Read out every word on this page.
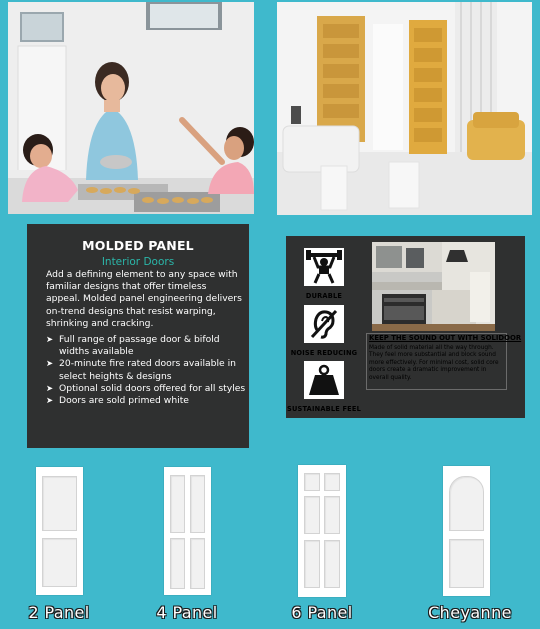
MOLDED PANEL
Interior Doors
Add a defining element to any space with familiar designs that offer timeless appeal. Molded panel engineering delivers on-trend designs that resist warping, shrinking and cracking.
➤ Full range of passage door & bifold widths available
➤ 20-minute fire rated doors available in select heights & designs
➤ Optional solid doors offered for all styles
➤ Doors are sold primed white
DURABLE
NOISE REDUCING
SUSTAINABLE FEEL
KEEP THE SOUND OUT WITH SOLIDOOR
Made of solid material all the way through. They feel more substantial and block sound more effectively. For minimal cost, solid core doors create a dramatic improvement in overall quality.
2 Panel	4 Panel	6 Panel	Cheyanne
